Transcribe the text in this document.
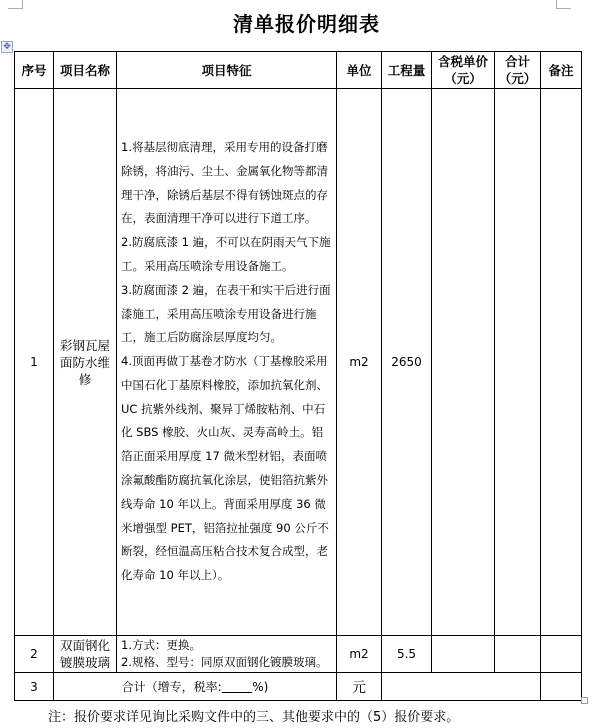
清单报价明细表
✥
序号	项目名称	项目特征	单位	工程量	含税单价（元）	合计（元）	备注
1	彩钢瓦屋面防水维修	1.将基层彻底清理，采用专用的设备打磨除锈，将油污、尘土、金属氧化物等都清理干净，除锈后基层不得有锈蚀斑点的存在，表面清理干净可以进行下道工序。
2.防腐底漆 1 遍，不可以在阴雨天气下施工。采用高压喷涂专用设备施工。
3.防腐面漆 2 遍，在表干和实干后进行面漆施工，采用高压喷涂专用设备进行施工，施工后防腐涂层厚度均匀。
4.顶面再做丁基卷才防水（丁基橡胶采用中国石化丁基原料橡胶，添加抗氧化剂、UC 抗紫外线剂、聚异丁烯胺粘剂、中石化 SBS 橡胶、火山灰、灵寿高岭土。铝箔正面采用厚度 17 微米型材铝，表面喷涂氟酸酯防腐抗氧化涂层，使铝箔抗紫外线寿命 10 年以上。背面采用厚度 36 微米增强型 PET，铝箔拉扯强度 90 公斤不断裂，经恒温高压粘合技术复合成型，老化寿命 10 年以上）。	m2	2650			
2	双面钢化镀膜玻璃	1.方式：更换。
2.规格、型号：同原双面钢化镀膜玻璃。	m2	5.5			
3	合计（增专，税率: %)		元				
注：报价要求详见询比采购文件中的三、其他要求中的（5）报价要求。
